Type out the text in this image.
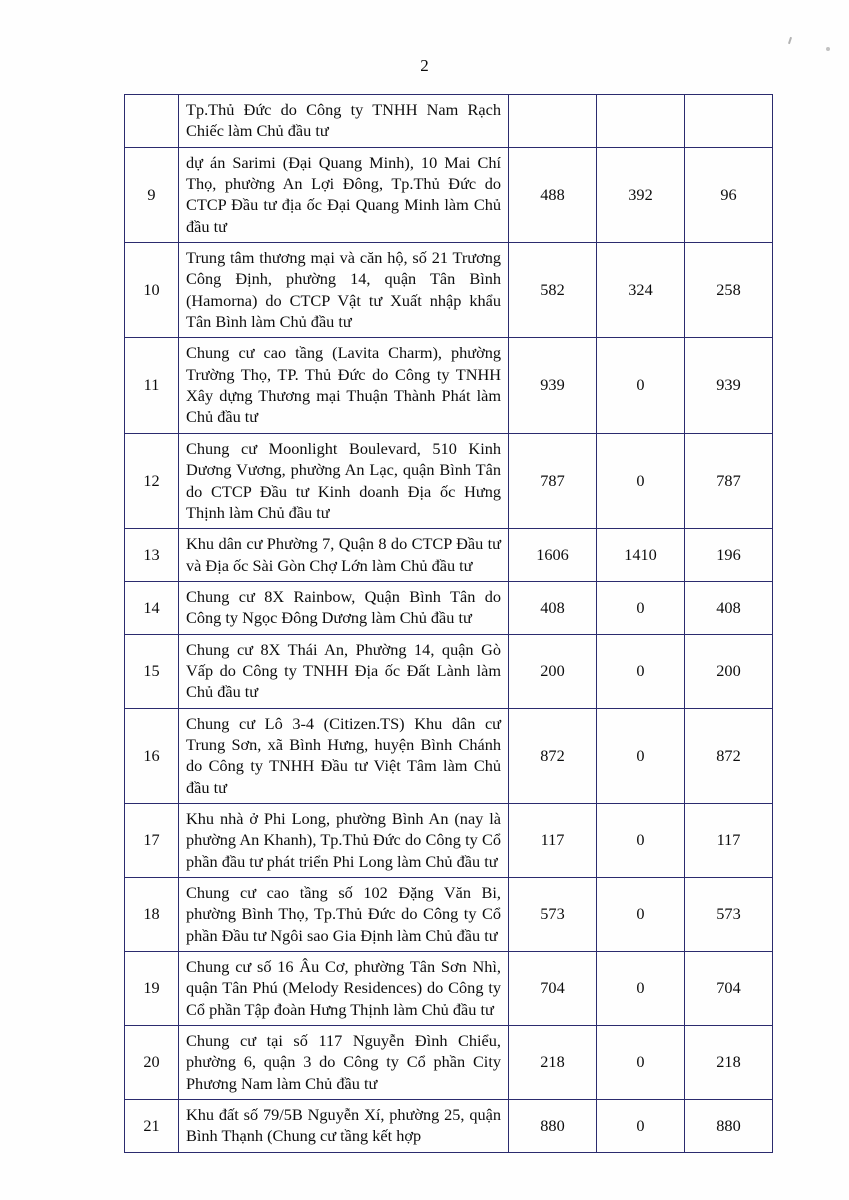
2
	Tp.Thủ Đức do Công ty TNHH Nam Rạch Chiếc làm Chủ đầu tư			
9	dự án Sarimi (Đại Quang Minh), 10 Mai Chí Thọ, phường An Lợi Đông, Tp.Thủ Đức do CTCP Đầu tư địa ốc Đại Quang Minh làm Chủ đầu tư	488	392	96
10	Trung tâm thương mại và căn hộ, số 21 Trương Công Định, phường 14, quận Tân Bình (Hamorna) do CTCP Vật tư Xuất nhập khẩu Tân Bình làm Chủ đầu tư	582	324	258
11	Chung cư cao tầng (Lavita Charm), phường Trường Thọ, TP. Thủ Đức do Công ty TNHH Xây dựng Thương mại Thuận Thành Phát làm Chủ đầu tư	939	0	939
12	Chung cư Moonlight Boulevard, 510 Kinh Dương Vương, phường An Lạc, quận Bình Tân do CTCP Đầu tư Kinh doanh Địa ốc Hưng Thịnh làm Chủ đầu tư	787	0	787
13	Khu dân cư Phường 7, Quận 8 do CTCP Đầu tư và Địa ốc Sài Gòn Chợ Lớn làm Chủ đầu tư	1606	1410	196
14	Chung cư 8X Rainbow, Quận Bình Tân do Công ty Ngọc Đông Dương làm Chủ đầu tư	408	0	408
15	Chung cư 8X Thái An, Phường 14, quận Gò Vấp do Công ty TNHH Địa ốc Đất Lành làm Chủ đầu tư	200	0	200
16	Chung cư Lô 3-4 (Citizen.TS) Khu dân cư Trung Sơn, xã Bình Hưng, huyện Bình Chánh do Công ty TNHH Đầu tư Việt Tâm làm Chủ đầu tư	872	0	872
17	Khu nhà ở Phi Long, phường Bình An (nay là phường An Khanh), Tp.Thủ Đức do Công ty Cổ phần đầu tư phát triển Phi Long làm Chủ đầu tư	117	0	117
18	Chung cư cao tầng số 102 Đặng Văn Bi, phường Bình Thọ, Tp.Thủ Đức do Công ty Cổ phần Đầu tư Ngôi sao Gia Định làm Chủ đầu tư	573	0	573
19	Chung cư số 16 Âu Cơ, phường Tân Sơn Nhì, quận Tân Phú (Melody Residences) do Công ty Cổ phần Tập đoàn Hưng Thịnh làm Chủ đầu tư	704	0	704
20	Chung cư tại số 117 Nguyễn Đình Chiểu, phường 6, quận 3 do Công ty Cổ phần City Phương Nam làm Chủ đầu tư	218	0	218
21	Khu đất số 79/5B Nguyễn Xí, phường 25, quận Bình Thạnh (Chung cư tầng kết hợp	880	0	880
